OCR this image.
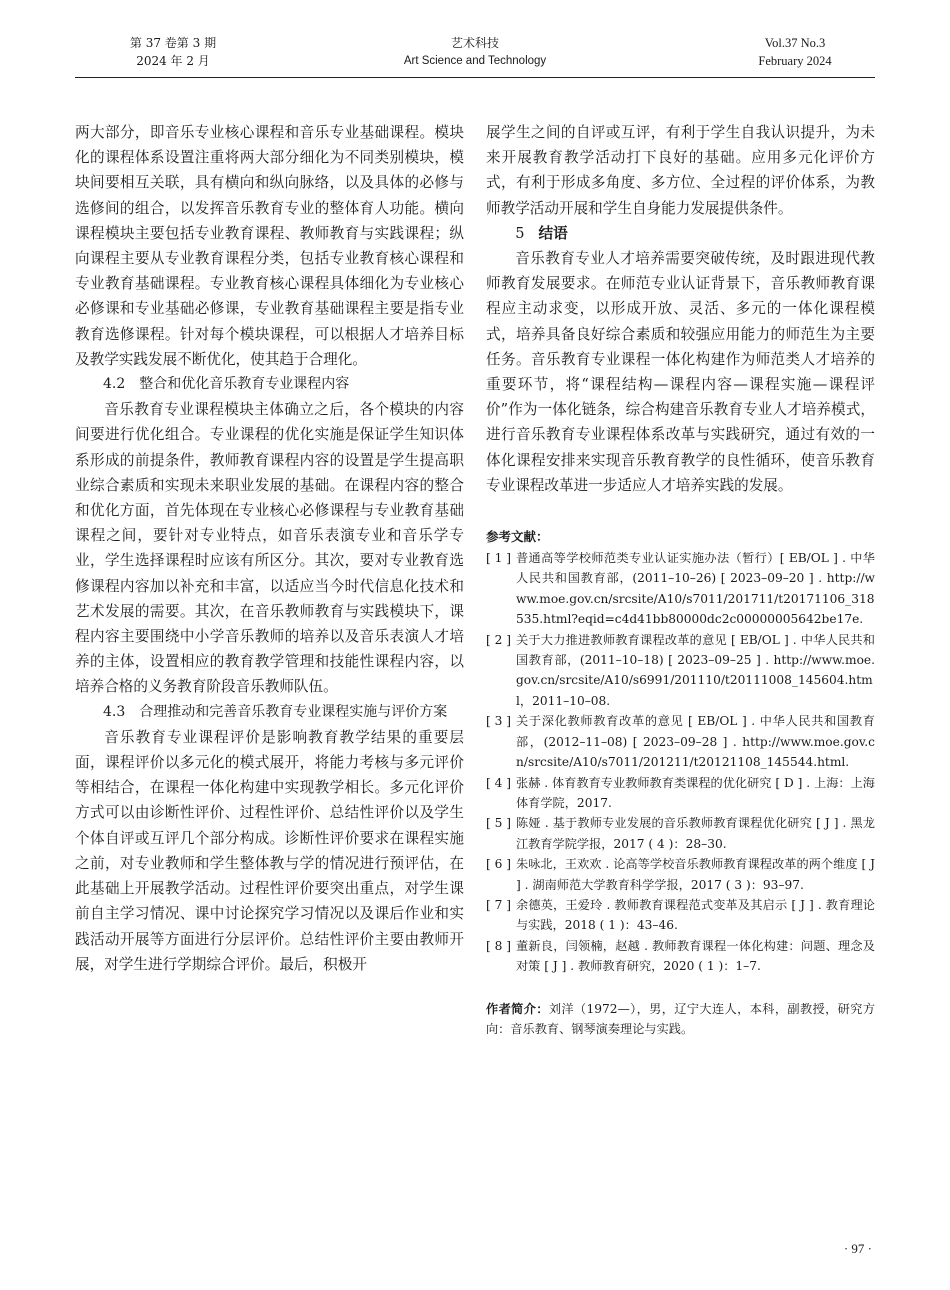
第 37 卷第 3 期
2024 年 2 月
艺术科技
Art Science and Technology
Vol.37 No.3
February 2024

两大部分，即音乐专业核心课程和音乐专业基础课程。模块化的课程体系设置注重将两大部分细化为不同类别模块，模块间要相互关联，具有横向和纵向脉络，以及具体的必修与选修间的组合，以发挥音乐教育专业的整体育人功能。横向课程模块主要包括专业教育课程、教师教育与实践课程；纵向课程主要从专业教育课程分类，包括专业教育核心课程和专业教育基础课程。专业教育核心课程具体细化为专业核心必修课和专业基础必修课，专业教育基础课程主要是指专业教育选修课程。针对每个模块课程，可以根据人才培养目标及教学实践发展不断优化，使其趋于合理化。

4.2　整合和优化音乐教育专业课程内容

音乐教育专业课程模块主体确立之后，各个模块的内容间要进行优化组合。专业课程的优化实施是保证学生知识体系形成的前提条件，教师教育课程内容的设置是学生提高职业综合素质和实现未来职业发展的基础。在课程内容的整合和优化方面，首先体现在专业核心必修课程与专业教育基础课程之间，要针对专业特点，如音乐表演专业和音乐学专业，学生选择课程时应该有所区分。其次，要对专业教育选修课程内容加以补充和丰富，以适应当今时代信息化技术和艺术发展的需要。其次，在音乐教师教育与实践模块下，课程内容主要围绕中小学音乐教师的培养以及音乐表演人才培养的主体，设置相应的教育教学管理和技能性课程内容，以培养合格的义务教育阶段音乐教师队伍。

4.3　合理推动和完善音乐教育专业课程实施与评价方案

音乐教育专业课程评价是影响教育教学结果的重要层面，课程评价以多元化的模式展开，将能力考核与多元评价等相结合，在课程一体化构建中实现教学相长。多元化评价方式可以由诊断性评价、过程性评价、总结性评价以及学生个体自评或互评几个部分构成。诊断性评价要求在课程实施之前，对专业教师和学生整体教与学的情况进行预评估，在此基础上开展教学活动。过程性评价要突出重点，对学生课前自主学习情况、课中讨论探究学习情况以及课后作业和实践活动开展等方面进行分层评价。总结性评价主要由教师开展，对学生进行学期综合评价。最后，积极开

展学生之间的自评或互评，有利于学生自我认识提升，为未来开展教育教学活动打下良好的基础。应用多元化评价方式，有利于形成多角度、多方位、全过程的评价体系，为教师教学活动开展和学生自身能力发展提供条件。

5 结语

音乐教育专业人才培养需要突破传统，及时跟进现代教师教育发展要求。在师范专业认证背景下，音乐教师教育课程应主动求变，以形成开放、灵活、多元的一体化课程模式，培养具备良好综合素质和较强应用能力的师范生为主要任务。音乐教育专业课程一体化构建作为师范类人才培养的重要环节，将“课程结构—课程内容—课程实施—课程评价”作为一体化链条，综合构建音乐教育专业人才培养模式，进行音乐教育专业课程体系改革与实践研究，通过有效的一体化课程安排来实现音乐教育教学的良性循环，使音乐教育专业课程改革进一步适应人才培养实践的发展。

参考文献：
[ 1 ] 普通高等学校师范类专业认证实施办法（暂行）[ EB/OL ] . 中华人民共和国教育部，(2011–10–26) [ 2023–09–20 ] . http://www.moe.gov.cn/srcsite/A10/s7011/201711/t20171106_318535.html?eqid=c4d41bb80000dc2c00000005642be17e.
[ 2 ] 关于大力推进教师教育课程改革的意见 [ EB/OL ] . 中华人民共和国教育部，(2011–10–18) [ 2023–09–25 ] . http://www.moe.gov.cn/srcsite/A10/s6991/201110/t20111008_145604.html，2011–10–08.
[ 3 ] 关于深化教师教育改革的意见 [ EB/OL ] . 中华人民共和国教育部，(2012–11–08) [ 2023–09–28 ] . http://www.moe.gov.cn/srcsite/A10/s7011/201211/t20121108_145544.html.
[ 4 ] 张赫 . 体育教育专业教师教育类课程的优化研究 [ D ] . 上海：上海体育学院，2017.
[ 5 ] 陈娅 . 基于教师专业发展的音乐教师教育课程优化研究 [ J ] . 黑龙江教育学院学报，2017 ( 4 )：28–30.
[ 6 ] 朱咏北，王欢欢 . 论高等学校音乐教师教育课程改革的两个维度 [ J ] . 湖南师范大学教育科学学报，2017 ( 3 )：93–97.
[ 7 ] 余德英，王爱玲 . 教师教育课程范式变革及其启示 [ J ] . 教育理论与实践，2018 ( 1 )：43–46.
[ 8 ] 董新良，闫领楠，赵越 . 教师教育课程一体化构建：问题、理念及对策 [ J ] . 教师教育研究，2020 ( 1 )：1–7.
作者简介：刘洋（1972—），男，辽宁大连人，本科，副教授，研究方向：音乐教育、钢琴演奏理论与实践。
· 97 ·
